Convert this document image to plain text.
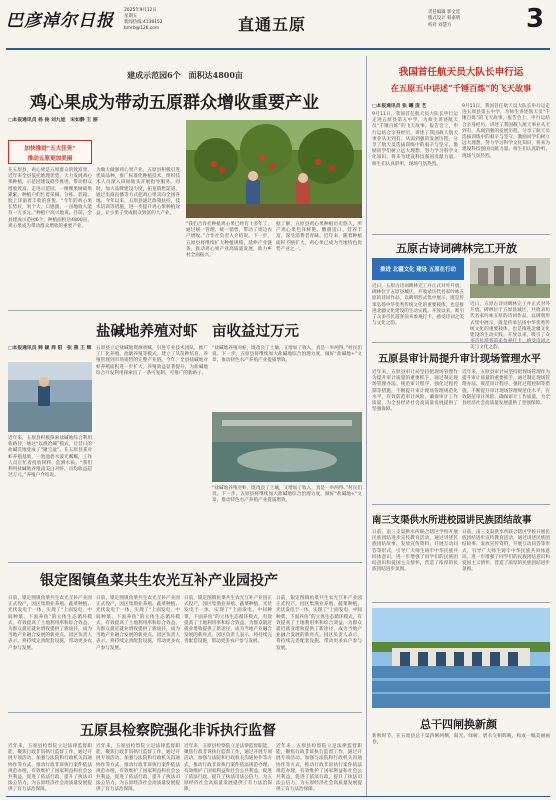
巴彦淖尔日报
2025年9月12日
星期五
新闻热线:4138152
bmrb@126.com	直通五原
责任编辑 郭文廷
版式设计 韩嘉明
校对 刘慧方	3
建成示范园6个　面积达4800亩
鸡心果成为带动五原群众增收重要产业
□本报通讯员 杨 俊 刘九娃　宋如静 王 丽
加快推进“五大任务”
推动五原更加美丽
在五原县，鸡心果是五原群众的致富果，近年来全县依托地理优势，大力发展鸡心果种植，示范园建设稳步推进，带动群众增收致富。走进示范园，一棵棵果树硕果累累，种植户们忙着采摘、分拣、装箱，脸上洋溢着丰收的喜悦。“今年的鸡心果长势好，果个大、口感甜，一亩地收入能有一万多元。”种植户高兴地说。目前，全县建成示范园6个，种植面积达4800亩，鸡心果成为带动群众增收的重要产业。
为做大做强鸡心果产业，五原县积极引进优质品种，推广标准化种植技术，组织技术人员深入田间地头开展指导服务。同时，加大品牌建设力度，拓宽销售渠道，通过电商直播等方式把鸡心果卖向全国各地。今年以来，五原县通过政策扶持、技术培训等措施，进一步提升鸡心果种植效益，让小果子变成群众致富的大产业。
“我们合作社种植鸡心果已经有十多年了，通过统一管理、统一销售，带动了周边农户增收。”合作社负责人介绍说。下一步，五原县将继续扩大种植规模，延伸产业链条，推动鸡心果产业高质量发展，助力乡村全面振兴。
据了解，五原县鸡心果种植历史悠久，所产鸡心果色泽鲜艳、酸甜适口、营养丰富，深受消费者青睐。近年来，随着种植面积不断扩大，鸡心果已成为当地特色优势产业之一。
盐碱地养殖对虾　亩收益过万元
□本报通讯员 韩 颖 周 阳　张 燕 王 辉
近年来，五原县积极探索盐碱地综合利用新路径，通过“以渔治碱”模式，让昔日的盐碱荒地变成了“聚宝盆”。在五原县某对虾养殖基地，一池池碧水波光粼粼，工作人员正忙着投放饲料、监测水质。“我们利用盐碱地养殖南美白对虾，亩均收益超过万元。”养殖户介绍说。
五原县立足盐碱地资源禀赋，引进专业技术团队，推广工厂化养殖、池塘养殖等模式，建立了从苗种培育、养殖管理到市场销售的完整产业链。今年，全县盐碱地对虾养殖面积进一步扩大，养殖效益显著提升，为盐碱地综合开发利用探索出了一条可复制、可推广的新路子。
“盐碱地养殖对虾，既改良了土壤，又增加了收入，真是一举两得。”村民们说。下一步，五原县将继续加大盐碱地综合治理力度，做好“盐碱地+”文章，推动特色水产养殖产业提质增效。
“盐碱地养殖对虾，既改良了土壤，又增加了收入，真是一举两得。”村民们说。下一步，五原县将继续加大盐碱地综合治理力度，做好“盐碱地+”文章，推动特色水产养殖产业提质增效。
银定图镇鱼菜共生农光互补产业园投产
日前，银定图镇鱼菜共生农光互补产业园正式投产，园区集渔业养殖、蔬菜种植、光伏发电于一体，实现了“上面发电、中间种菜、下面养鱼”的立体生态循环模式，有效提高了土地利用率和综合效益，为群众就近就业增收提供了新途径，成为当地产业融合发展的新亮点。园区负责人表示，将持续完善配套设施，带动更多农户参与发展。
日前，银定图镇鱼菜共生农光互补产业园正式投产，园区集渔业养殖、蔬菜种植、光伏发电于一体，实现了“上面发电、中间种菜、下面养鱼”的立体生态循环模式，有效提高了土地利用率和综合效益，为群众就近就业增收提供了新途径，成为当地产业融合发展的新亮点。园区负责人表示，将持续完善配套设施，带动更多农户参与发展。
日前，银定图镇鱼菜共生农光互补产业园正式投产，园区集渔业养殖、蔬菜种植、光伏发电于一体，实现了“上面发电、中间种菜、下面养鱼”的立体生态循环模式，有效提高了土地利用率和综合效益，为群众就近就业增收提供了新途径，成为当地产业融合发展的新亮点。园区负责人表示，将持续完善配套设施，带动更多农户参与发展。
日前，银定图镇鱼菜共生农光互补产业园正式投产，园区集渔业养殖、蔬菜种植、光伏发电于一体，实现了“上面发电、中间种菜、下面养鱼”的立体生态循环模式，有效提高了土地利用率和综合效益，为群众就近就业增收提供了新途径，成为当地产业融合发展的新亮点。园区负责人表示，将持续完善配套设施，带动更多农户参与发展。
五原县检察院强化非诉执行监督
近年来，五原县检察院立足法律监督职能，聚焦行政非诉执行监督工作，通过开展专项活动、加强与法院和行政机关沟通协作等方式，推动行政非诉执行案件依法规范办理，有效维护了国家利益和社会公共利益，促进了依法行政，提升了执法司法公信力，为五原经济社会高质量发展提供了有力法治保障。
近年来，五原县检察院立足法律监督职能，聚焦行政非诉执行监督工作，通过开展专项活动、加强与法院和行政机关沟通协作等方式，推动行政非诉执行案件依法规范办理，有效维护了国家利益和社会公共利益，促进了依法行政，提升了执法司法公信力，为五原经济社会高质量发展提供了有力法治保障。
近年来，五原县检察院立足法律监督职能，聚焦行政非诉执行监督工作，通过开展专项活动、加强与法院和行政机关沟通协作等方式，推动行政非诉执行案件依法规范办理，有效维护了国家利益和社会公共利益，促进了依法行政，提升了执法司法公信力，为五原经济社会高质量发展提供了有力法治保障。
近年来，五原县检察院立足法律监督职能，聚焦行政非诉执行监督工作，通过开展专项活动、加强与法院和行政机关沟通协作等方式，推动行政非诉执行案件依法规范办理，有效维护了国家利益和社会公共利益，促进了依法行政，提升了执法司法公信力，为五原经济社会高质量发展提供了有力法治保障。
我国首任航天员大队长申行运
在五原五中讲述“千锤百炼”的飞天故事
□本报通讯员 张 曦 庞 艺
9月11日，我国首任航天员大队长申行运走进五原县第五中学，为师生讲述航天员“千锤百炼”的飞天故事。报告会上，申行运结合亲身经历，讲述了我国载人航天事业从无到有、从弱到强的发展历程，分享了航天员选拔训练中的艰辛与坚守，激励同学们树立远大理想，努力学习科学文化知识，将来为建设科技强国贡献力量。师生们认真聆听，现场气氛热烈。
9月11日，我国首任航天员大队长申行运走进五原县第五中学，为师生讲述航天员“千锤百炼”的飞天故事。报告会上，申行运结合亲身经历，讲述了我国载人航天事业从无到有、从弱到强的发展历程，分享了航天员选拔训练中的艰辛与坚守，激励同学们树立远大理想，努力学习科学文化知识，将来为建设科技强国贡献力量。师生们认真聆听，现场气氛热烈。
五原古诗词碑林完工开放
推进 北疆文化 建设 五原在行动
近日，五原古诗词碑林完工并正式对外开放。碑林位于五原县城区，共收录历代名家吟咏五原的诗词作品，以碑刻形式集中展示，既是传承弘扬中华优秀传统文化的重要载体，也是推进北疆文化建设的生动实践。开放以来，吸引了众多市民游客前来参观打卡，感受诗词之美与文化之韵。
近日，五原古诗词碑林完工并正式对外开放。碑林位于五原县城区，共收录历代名家吟咏五原的诗词作品，以碑刻形式集中展示，既是传承弘扬中华优秀传统文化的重要载体，也是推进北疆文化建设的生动实践。开放以来，吸引了众 美与文化之韵。
五原县审计局提升审计现场管理水平
近年来，五原县审计局坚持把现场管理作为提升审计质量的重要抓手，通过制定现场管理办法、规范审计程序、强化过程控制等措施，不断提升审计现场管理规范化水平，有效防范审计风险，确保审计工作质量，为全县经济社会高质量发展提供了坚强保障。
近年来，五原县审计局坚持把现场管理作为提升审计质量的重要抓手，通过制定现场管理办法、规范审计程序、强化过程控制等措施，不断提升审计现场管理规范化水平，有效防范审计风险，确保审计工作质量，为全县经济社会高质量发展提供了坚强保障。
南三支渠供水所进校园讲民族团结故事
日前，南三支渠供水所联合辖区学校开展民族团结进步宣传教育活动，通过讲述民族团结故事、发放宣传资料、开展互动问答等形式，引导广大师生铸牢中华民族共同体意识，进一步增强了同学们的民族团结意识和爱国主义情怀，营造了浓厚的民族团结进步氛围。
日前，南三支渠供水所联合辖区学校开展民族团结进步宣传教育活动，通过讲述民族团结故事、发放宣传资料、开展互动问答等形式，引导广大师生铸牢中华民族共同体意识，进一步增强了同学们的民族团结意识和爱国主义情怀，营造了浓厚的民族团结进步氛围。
总干四闸换新颜
新秋时节，在五原县总干渠四闸两侧，阳光、绿树、碧水交相辉映，构成一幅美丽画卷。
